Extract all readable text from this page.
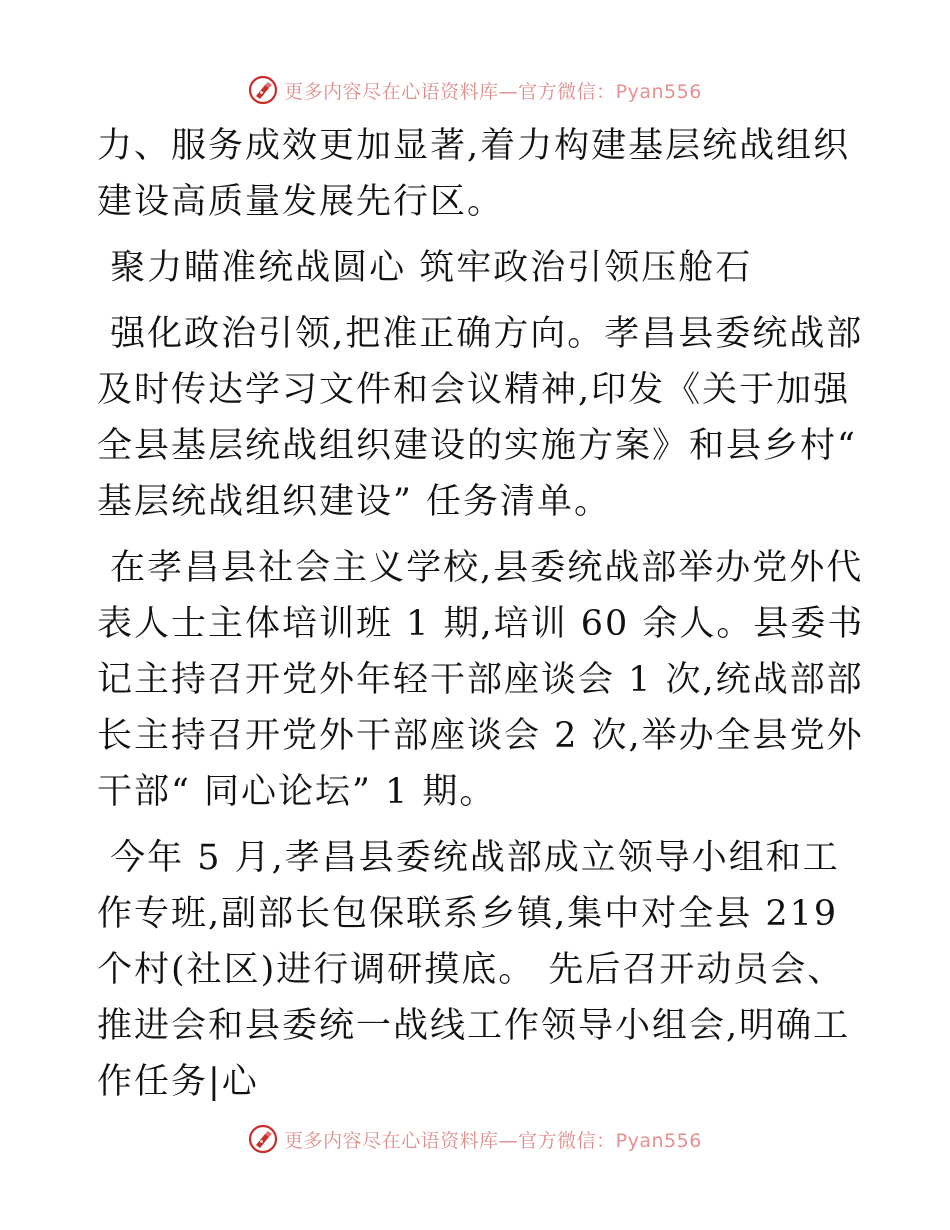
更多内容尽在心语资料库—官方微信：Pyan556

力、服务成效更加显著,着力构建基层统战组织建设高质量发展先行区。

聚力瞄准统战圆心 筑牢政治引领压舱石

强化政治引领,把准正确方向。孝昌县委统战部及时传达学习文件和会议精神,印发《关于加强全县基层统战组织建设的实施方案》和县乡村“ 基层统战组织建设” 任务清单。

在孝昌县社会主义学校,县委统战部举办党外代表人士主体培训班 1 期,培训 60 余人。县委书记主持召开党外年轻干部座谈会 1 次,统战部部长主持召开党外干部座谈会 2 次,举办全县党外干部“ 同心论坛” 1 期。

今年 5 月,孝昌县委统战部成立领导小组和工作专班,副部长包保联系乡镇,集中对全县 219 个村(社区)进行调研摸底。 先后召开动员会、 推进会和县委统一战线工作领导小组会,明确工作任务|心

更多内容尽在心语资料库—官方微信：Pyan556
